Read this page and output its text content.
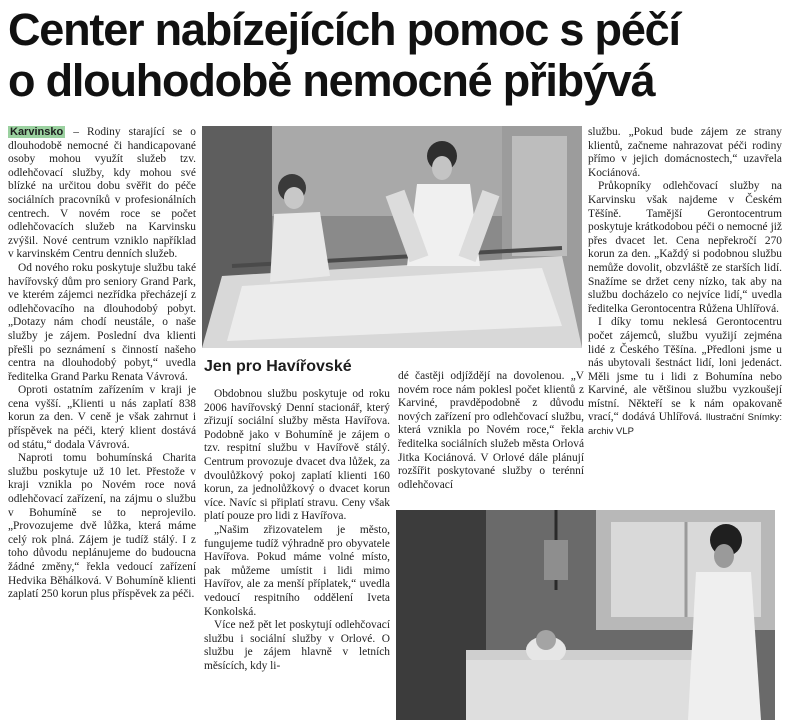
Center nabízejících pomoc s péčí
o dlouhodobě nemocné přibývá

Karvinsko – Rodiny starající se o dlouhodobě nemocné či handicapované osoby mohou využít služeb tzv. odlehčovací služby, kdy mohou své blízké na určitou dobu svěřit do péče sociálních pracovníků v profesionálních centrech. V novém roce se počet odlehčovacích služeb na Karvinsku zvýšil. Nové centrum vzniklo například v karvinském Centru denních služeb.

Od nového roku poskytuje službu také havířovský dům pro seniory Grand Park, ve kterém zájemci nezřídka přecházejí z odlehčovacího na dlouhodobý pobyt. „Dotazy nám chodí neustále, o naše služby je zájem. Poslední dva klienti přešli po seznámení s činností našeho centra na dlouhodobý pobyt,“ uvedla ředitelka Grand Parku Renata Vávrová.

Oproti ostatním zařízením v kraji je cena vyšší. „Klienti u nás zaplatí 838 korun za den. V ceně je však zahrnut i příspěvek na péči, který klient dostává od státu,“ dodala Vávrová.

Naproti tomu bohumínská Charita službu poskytuje už 10 let. Přestože v kraji vznikla po Novém roce nová odlehčovací zařízení, na zájmu o službu v Bohumíně se to neprojevilo. „Provozujeme dvě lůžka, která máme celý rok plná. Zájem je tudíž stálý. I z toho důvodu neplánujeme do budoucna žádné změny,“ řekla vedoucí zařízení Hedvika Běhálková. V Bohumíně klienti zaplatí 250 korun plus příspěvek za péči.

Jen pro Havířovské

Obdobnou službu poskytuje od roku 2006 havířovský Denní stacionář, který zřizují sociální služby města Havířova. Podobně jako v Bohumíně je zájem o tzv. respitní službu v Havířově stálý. Centrum provozuje dvacet dva lůžek, za dvoulůžkový pokoj zaplatí klienti 160 korun, za jednolůžkový o dvacet korun více. Navíc si připlatí stravu. Ceny však platí pouze pro lidi z Havířova.

„Našim zřizovatelem je město, fungujeme tudíž výhradně pro obyvatele Havířova. Pokud máme volné místo, pak můžeme umístit i lidi mimo Havířov, ale za menší příplatek,“ uvedla vedoucí respitního oddělení Iveta Konkolská.

Více než pět let poskytují odlehčovací službu i sociální služby v Orlové. O službu je zájem hlavně v letních měsících, kdy li-

dé častěji odjíždějí na dovolenou. „V novém roce nám poklesl počet klientů z Karviné, pravděpodobně z důvodu nových zařízení pro odlehčovací službu, která vznikla po Novém roce,“ řekla ředitelka sociálních služeb města Orlová Jitka Kociánová. V Orlové dále plánují rozšířit poskytované služby o terénní odlehčovací

službu. „Pokud bude zájem ze strany klientů, začneme nahrazovat péči rodiny přímo v jejich domácnostech,“ uzavřela Kociánová.

Průkopníky odlehčovací služby na Karvinsku však najdeme v Českém Těšíně. Tamější Gerontocentrum poskytuje krátkodobou péči o nemocné již přes dvacet let. Cena nepřekročí 270 korun za den. „Každý si podobnou službu nemůže dovolit, obzvláště ze starších lidí. Snažíme se držet ceny nízko, tak aby na službu docházelo co nejvíce lidí,“ uvedla ředitelka Gerontocentra Růžena Uhlířová.

I díky tomu neklesá Gerontocentru počet zájemců, službu využijí zejména lidé z Českého Těšína. „Předloni jsme u nás ubytovali šestnáct lidí, loni jedenáct. Měli jsme tu i lidi z Bohumína nebo Karviné, ale většinou službu vyzkoušejí místní. Někteří se k nám opakovaně vrací,“ dodává Uhlířová. Ilustrační Snímky: archiv VLP
